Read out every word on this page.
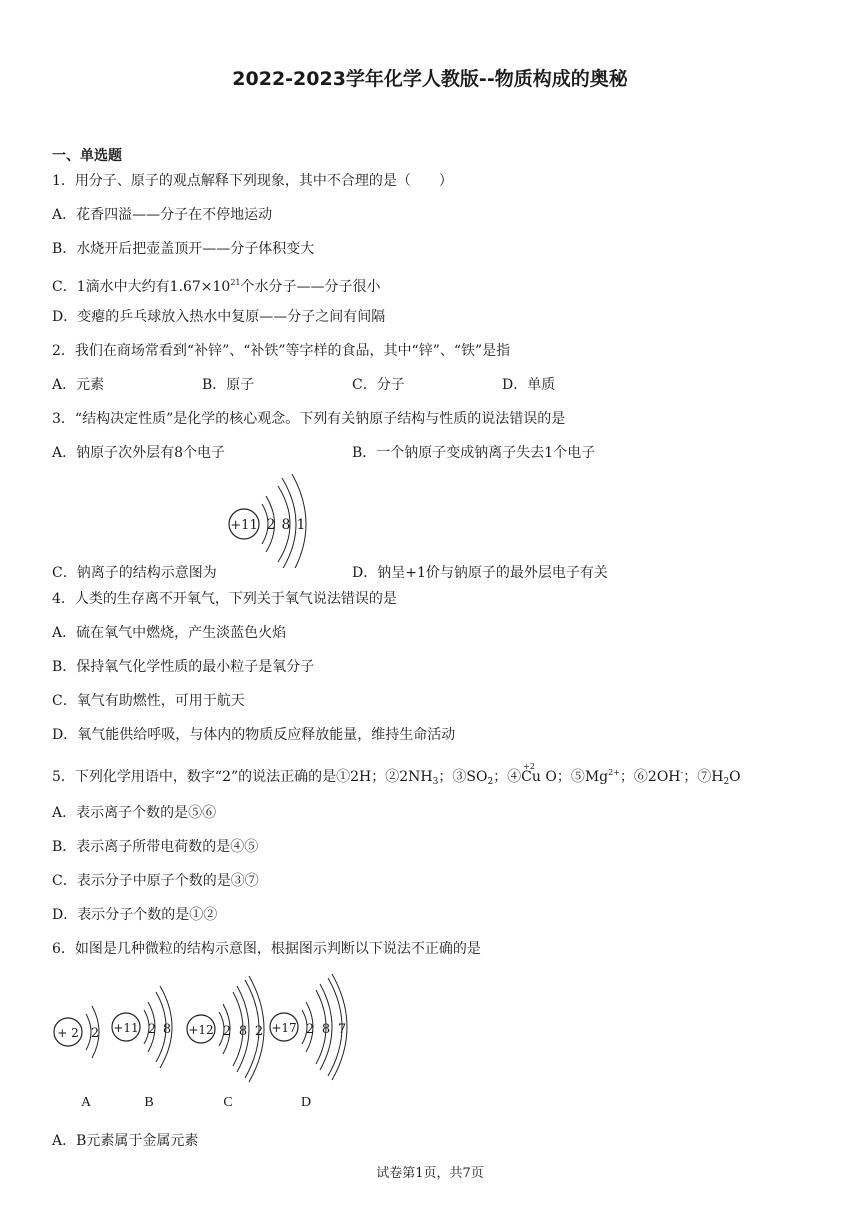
2022-2023学年化学人教版--物质构成的奥秘
一、单选题
1．用分子、原子的观点解释下列现象，其中不合理的是（　　）
A．花香四溢——分子在不停地运动
B．水烧开后把壶盖顶开——分子体积变大
C．1滴水中大约有$1.67\times 10^{21}$个水分子——分子很小
D．变瘪的乒乓球放入热水中复原——分子之间有间隔
2．我们在商场常看到“补锌”、“补铁”等字样的食品，其中“锌”、“铁”是指
A．元素	B．原子	C．分子	D．单质
3．“结构决定性质”是化学的核心观念。下列有关钠原子结构与性质的说法错误的是
A．钠原子次外层有8个电子	B．一个钠原子变成钠离子失去1个电子
+11 2 8 1
C．钠离子的结构示意图为	D．钠呈+1价与钠原子的最外层电子有关
4．人类的生存离不开氧气，下列关于氧气说法错误的是
A．硫在氧气中燃烧，产生淡蓝色火焰
B．保持氧气化学性质的最小粒子是氧分子
C．氧气有助燃性，可用于航天
D．氧气能供给呼吸，与体内的物质反应释放能量，维持生命活动
5．下列化学用语中，数字“2”的说法正确的是①2H；$②2NH_3$；$③SO_2$；④
+2
Cu O；$⑤Mg^{2+}$；⑥2OH-；$⑦H_2O$
A．表示离子个数的是⑤⑥
B．表示离子所带电荷数的是④⑤
C．表示分子中原子个数的是③⑦
D．表示分子个数的是①②
6．如图是几种微粒的结构示意图，根据图示判断以下说法不正确的是
+ 2 2
A
+11 2 8
B
+12 2 8 2
C
+17 2 8 7
D
A．B元素属于金属元素
试卷第1页，共7页
